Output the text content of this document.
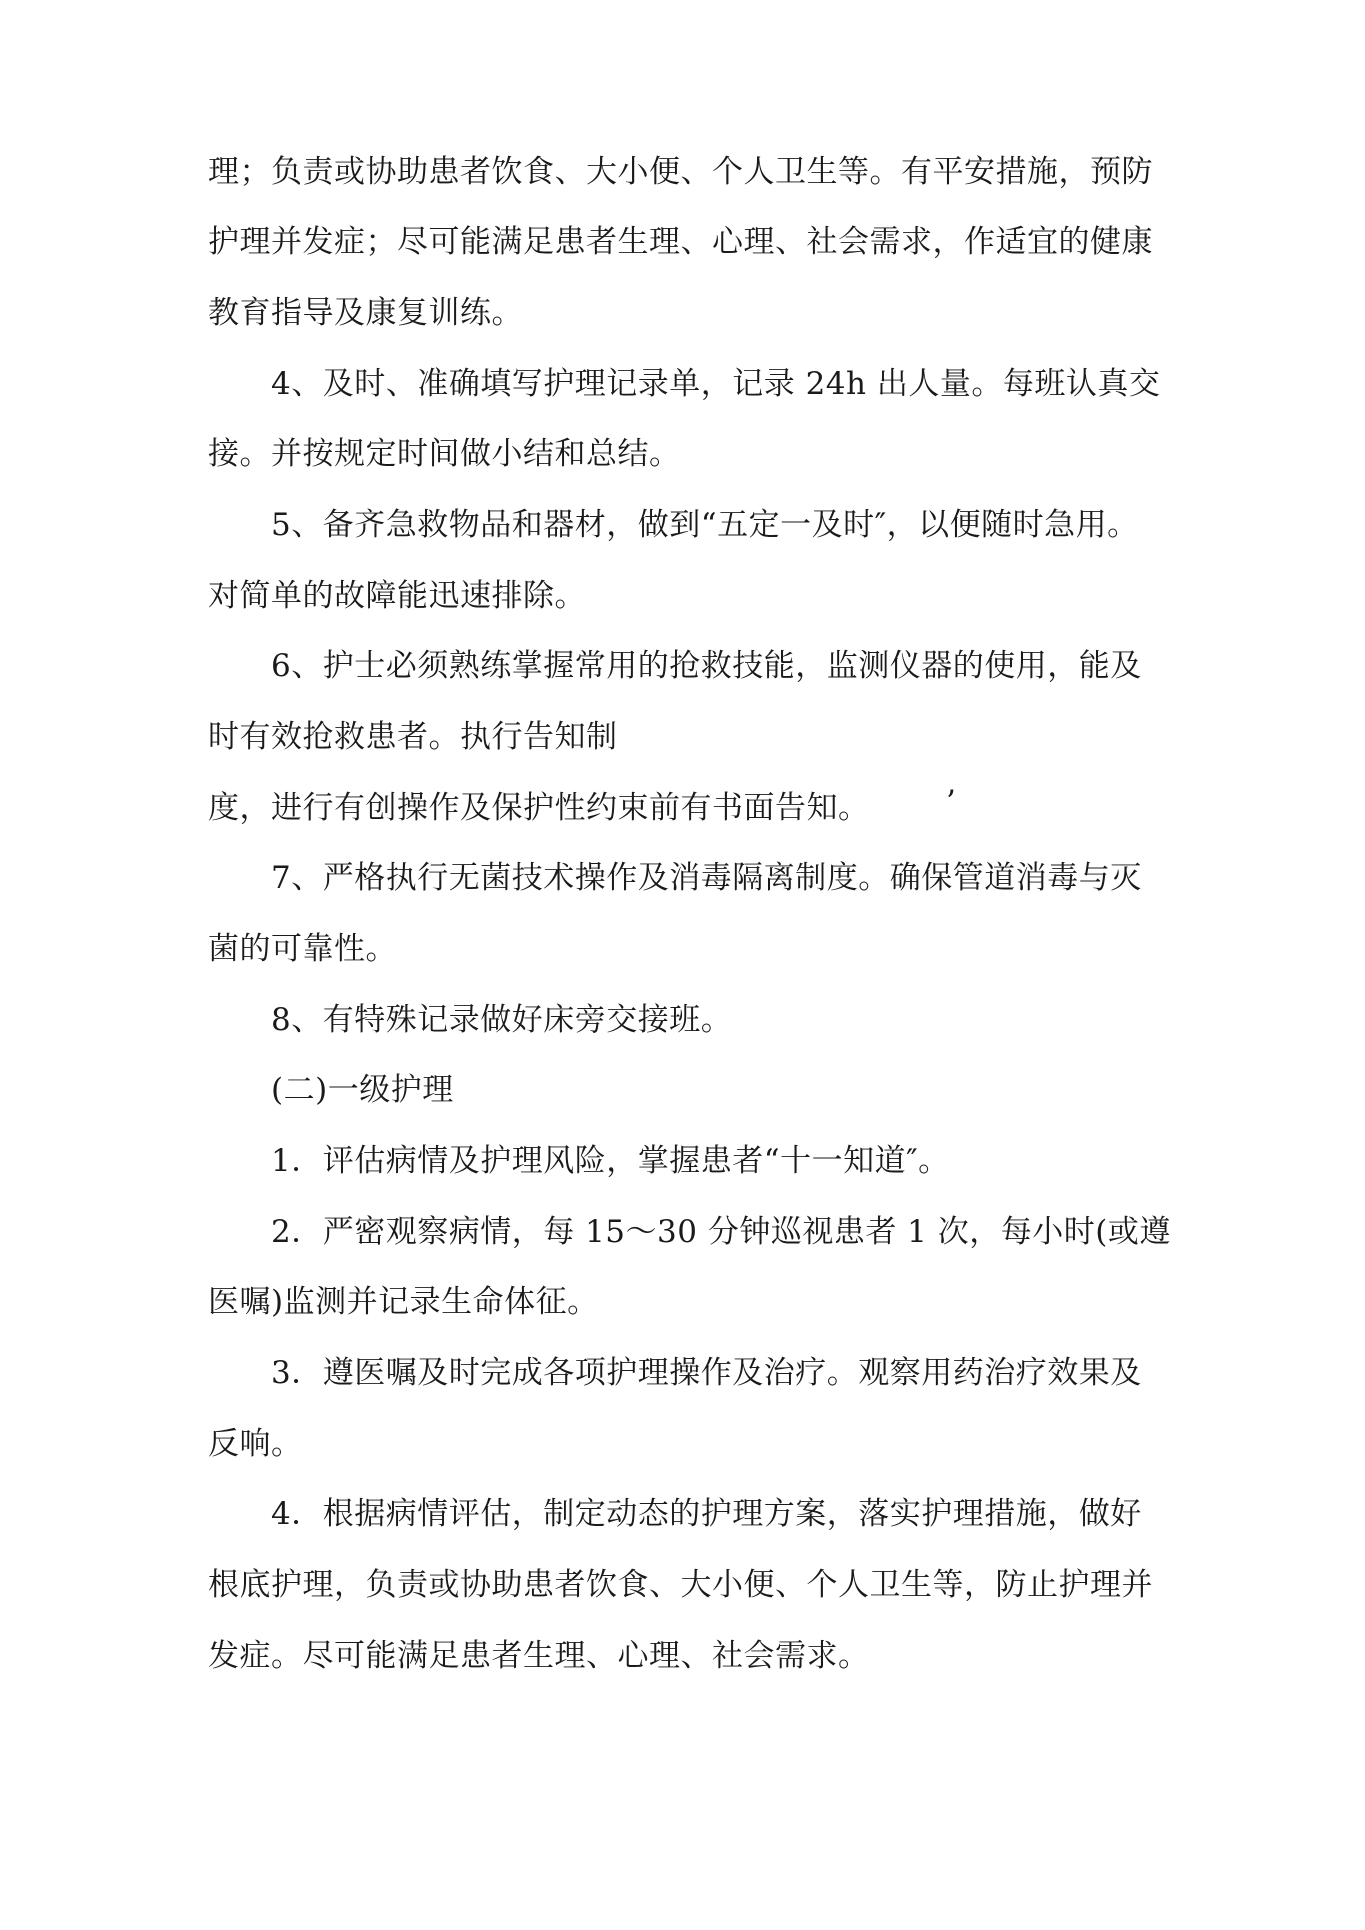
理；负责或协助患者饮食、大小便、个人卫生等。有平安措施，预防
护理并发症；尽可能满足患者生理、心理、社会需求，作适宜的健康
教育指导及康复训练。
4、及时、准确填写护理记录单，记录 24h 出人量。每班认真交
接。并按规定时间做小结和总结。
5、备齐急救物品和器材，做到“五定一及时″，以便随时急用。
对简单的故障能迅速排除。
6、护士必须熟练掌握常用的抢救技能，监测仪器的使用，能及
时有效抢救患者。执行告知制
度，进行有创操作及保护性约束前有书面告知。 ’
7、严格执行无菌技术操作及消毒隔离制度。确保管道消毒与灭
菌的可靠性。
8、有特殊记录做好床旁交接班。
(二)一级护理
1．评估病情及护理风险，掌握患者“十一知道″。
2．严密观察病情，每 15～30 分钟巡视患者 1 次，每小时(或遵
医嘱)监测并记录生命体征。
3．遵医嘱及时完成各项护理操作及治疗。观察用药治疗效果及
反响。
4．根据病情评估，制定动态的护理方案，落实护理措施，做好
根底护理，负责或协助患者饮食、大小便、个人卫生等，防止护理并
发症。尽可能满足患者生理、心理、社会需求。
